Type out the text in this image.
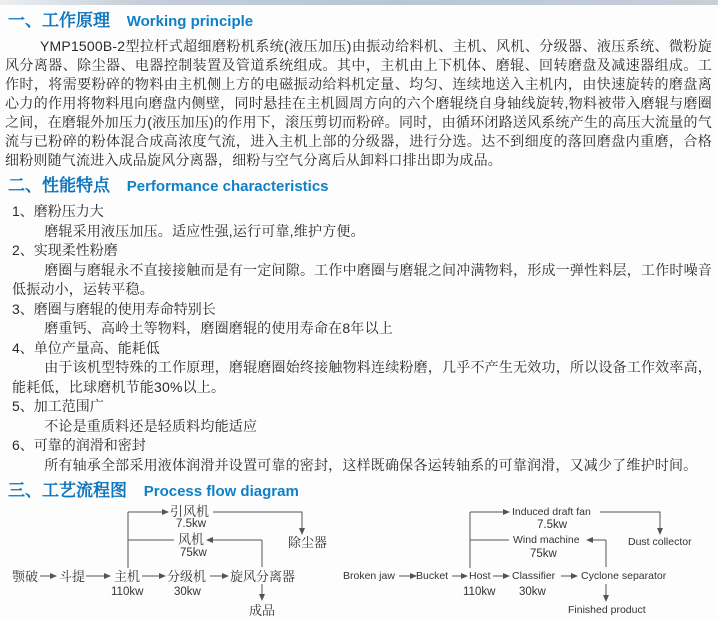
一、工作原理 Working principle

YMP1500B-2型拉杆式超细磨粉机系统(液压加压)由振动给料机、主机、风机、分级器、液压系统、微粉旋风分离器、除尘器、电器控制装置及管道系统组成。其中，主机由上下机体、磨辊、回转磨盘及减速器组成。工作时，将需要粉碎的物料由主机侧上方的电磁振动给料机定量、均匀、连续地送入主机内，由快速旋转的磨盘离心力的作用将物料甩向磨盘内侧壁，同时悬挂在主机圆周方向的六个磨辊绕自身轴线旋转,物料被带入磨辊与磨圈之间，在磨辊外加压力(液压加压)的作用下，滚压剪切而粉碎。同时，由循环闭路送风系统产生的高压大流量的气流与已粉碎的粉体混合成高浓度气流，进入主机上部的分级器，进行分选。达不到细度的落回磨盘内重磨，合格细粉则随气流进入成品旋风分离器，细粉与空气分离后从卸料口排出即为成品。

二、性能特点 Performance characteristics
1、磨粉压力大

磨辊采用液压加压。适应性强,运行可靠,维护方便。

2、实现柔性粉磨

磨圈与磨辊永不直接接触而是有一定间隙。工作中磨圈与磨辊之间冲满物料，形成一弹性料层，工作时噪音低振动小，运转平稳。

3、磨圈与磨辊的使用寿命特别长

磨重钙、高岭土等物料，磨圈磨辊的使用寿命在8年以上

4、单位产量高、能耗低

由于该机型特殊的工作原理，磨辊磨圈始终接触物料连续粉磨，几乎不产生无效功，所以设备工作效率高，能耗低，比球磨机节能30%以上。

5、加工范围广

不论是重质料还是轻质料均能适应

6、可靠的润滑和密封

所有轴承全部采用液体润滑并设置可靠的密封，这样既确保各运转轴系的可靠润滑，又减少了维护时间。

三、工艺流程图 Process flow diagram
引风机
7.5kw
风机
75kw
除尘器
颚破 斗提 主机
110kw
分级机
30kw
旋风分离器
成品
Induced draft fan
7.5kw
Wind machine
75kw
Dust collector
Broken jaw Bucket Host
110kw
Classifier
30kw
Cyclone separator
Finished product
